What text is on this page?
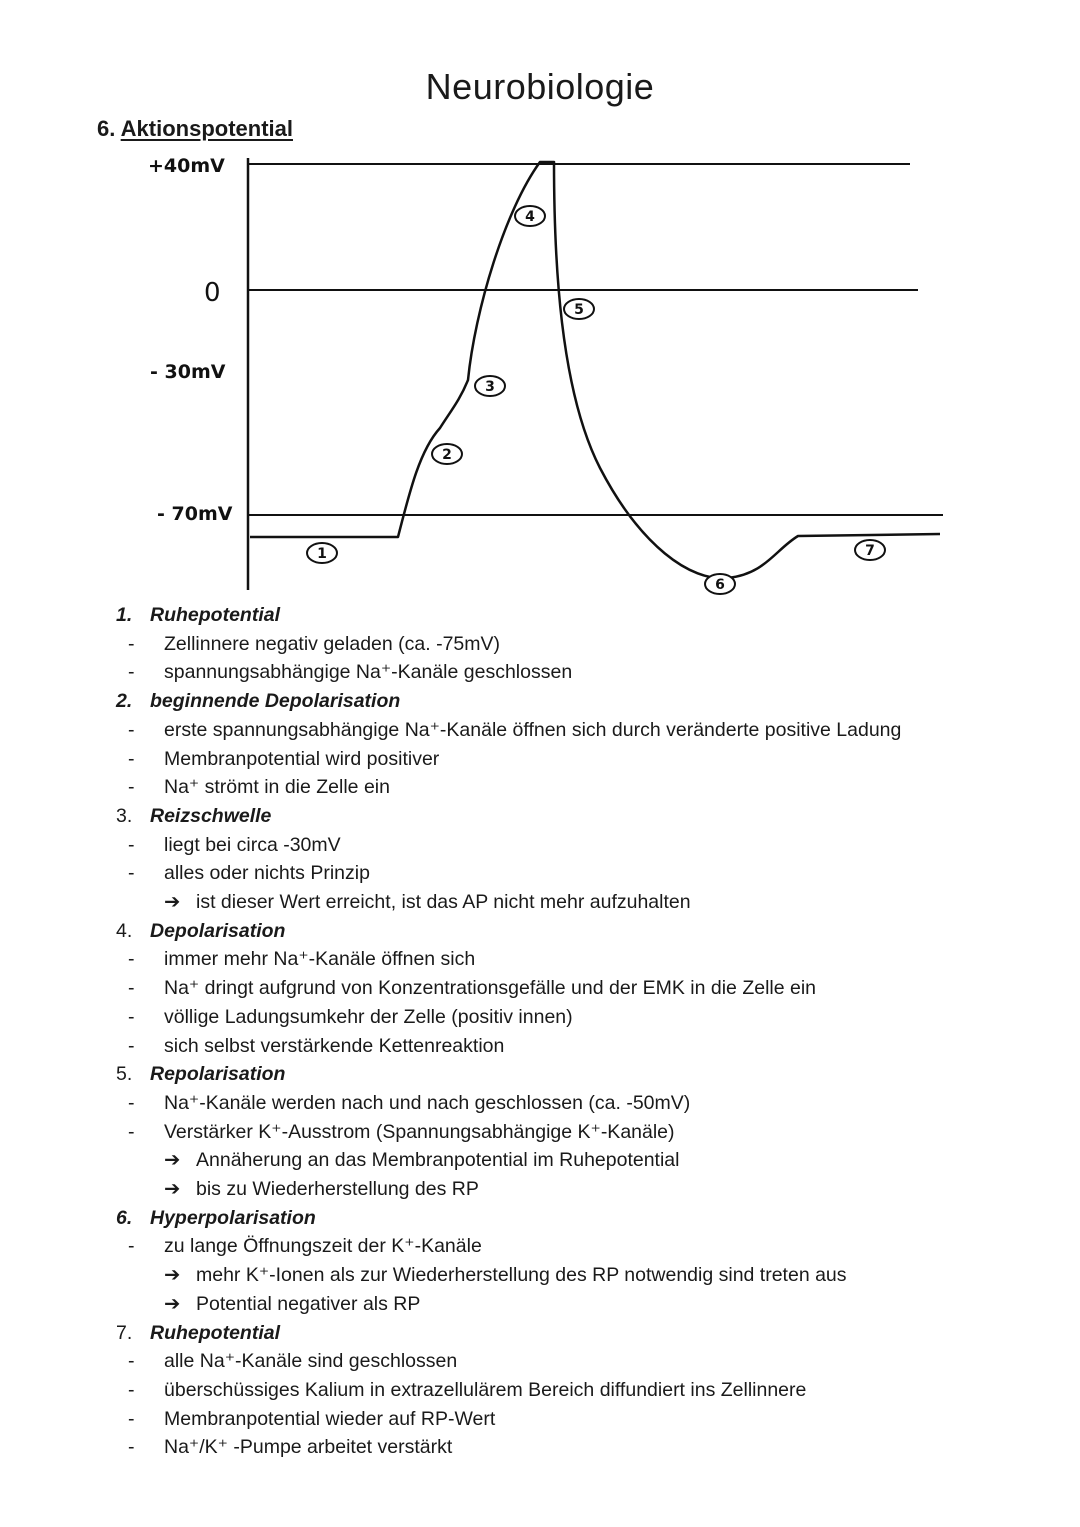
Neurobiologie
6. Aktionspotential
+40mV
0
- 30mV
- 70mV
1
2
3
4
5
6
7
1. Ruhepotential
-	Zellinnere negativ geladen (ca. -75mV)
-	spannungsabhängige Na⁺-Kanäle geschlossen
2. beginnende Depolarisation
-	erste spannungsabhängige Na⁺-Kanäle öffnen sich durch veränderte positive Ladung
-	Membranpotential wird positiver
-	Na⁺ strömt in die Zelle ein
3. Reizschwelle
-	liegt bei circa -30mV
-	alles oder nichts Prinzip
➔ ist dieser Wert erreicht, ist das AP nicht mehr aufzuhalten
4. Depolarisation
-	immer mehr Na⁺-Kanäle öffnen sich
-	Na⁺ dringt aufgrund von Konzentrationsgefälle und der EMK in die Zelle ein
-	völlige Ladungsumkehr der Zelle (positiv innen)
-	sich selbst verstärkende Kettenreaktion
5. Repolarisation
-	Na⁺-Kanäle werden nach und nach geschlossen (ca. -50mV)
-	Verstärker K⁺-Ausstrom (Spannungsabhängige K⁺-Kanäle)
➔ Annäherung an das Membranpotential im Ruhepotential
➔ bis zu Wiederherstellung des RP
6. Hyperpolarisation
-	zu lange Öffnungszeit der K⁺-Kanäle
➔ mehr K⁺-Ionen als zur Wiederherstellung des RP notwendig sind treten aus
➔ Potential negativer als RP
7. Ruhepotential
-	alle Na⁺-Kanäle sind geschlossen
-	überschüssiges Kalium in extrazellulärem Bereich diffundiert ins Zellinnere
-	Membranpotential wieder auf RP-Wert
-	Na⁺/K⁺ -Pumpe arbeitet verstärkt
